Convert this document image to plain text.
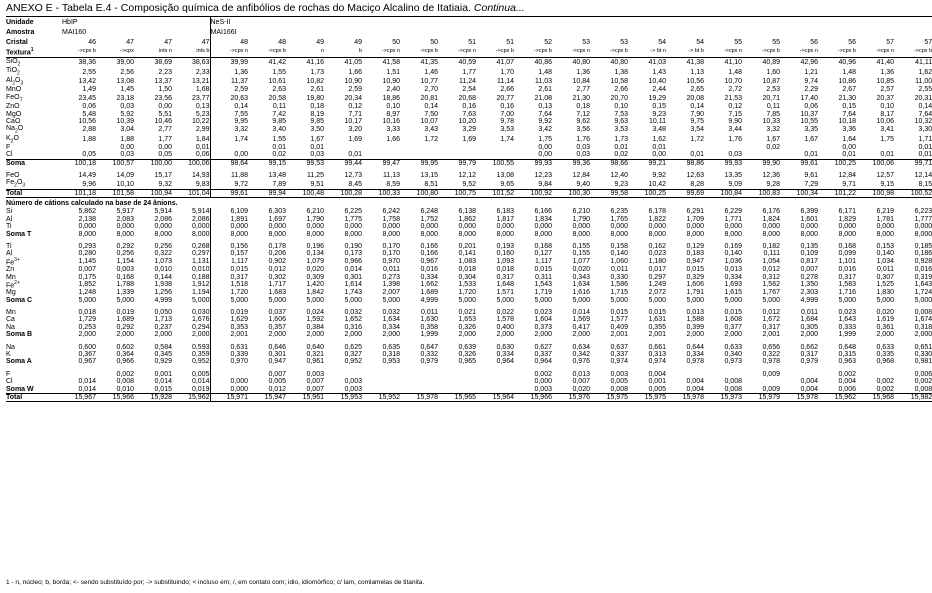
ANEXO E - Tabela E.4 - Composição química de anfibólios de rochas do Maciço Alcalino de Itatiaia. Continua...
Unidade	HbIP				NeS-II																		
Amostra	MAI160				MAI166I																		
Cristal	46	47	47	47	48	48	49	49	50	50	51	51	52	53	53	54	54	55	55	56	56	57	57
Textura$^1$	->cpx b	->cpx	ints n	ints b	->cpx n	->cpx b	n	b	->cpx n	->cpx b	->cpx n	->cpx b	->cpx b	->cpx n	->cpx b	-> bt n	-> bt b	->cpx n	->cpx b	->cpx n	->cpx b	->cpx n	->cpx b
SiO$_2$	38,36	39,00	38,69	38,63	39,99	41,42	41,16	41,05	41,58	41,35	40,59	41,07	40,86	40,80	40,80	41,03	41,38	41,10	40,89	42,96	40,96	41,40	41,11
TiO$_2$	2,55	2,56	2,23	2,33	1,36	1,55	1,73	1,66	1,51	1,46	1,77	1,70	1,48	1,36	1,38	1,43	1,13	1,48	1,60	1,21	1,48	1,36	1,62
$Al_2O_3$	13,42	13,08	13,37	13,21	11,37	10,61	10,82	10,90	10,90	10,77	11,24	11,14	11,03	10,84	10,58	10,40	10,56	10,70	10,87	9,74	10,86	10,85	11,00
MnO	1,49	1,45	1,50	1,68	2,59	2,63	2,61	2,59	2,40	2,70	2,54	2,66	2,61	2,77	2,66	2,44	2,65	2,72	2,53	2,29	2,67	2,57	2,55
FeO$_T$	23,45	23,18	23,56	23,77	20,63	20,58	19,80	20,34	18,86	20,81	20,68	20,77	21,08	21,30	20,70	19,29	20,08	21,53	20,71	17,40	21,30	20,37	20,31
ZnO	0,06	0,03	0,00	0,13	0,14	0,11	0,18	0,12	0,10	0,14	0,16	0,16	0,13	0,18	0,10	0,15	0,14	0,12	0,11	0,06	0,15	0,10	0,14
MgO	5,48	5,92	5,51	5,23	7,55	7,42	8,19	7,71	8,97	7,50	7,63	7,00	7,64	7,12	7,53	9,23	7,90	7,15	7,85	10,37	7,64	8,17	7,64
CaO	10,56	10,39	10,46	10,22	9,95	9,85	9,85	10,17	10,16	10,07	10,20	9,78	9,92	9,62	9,63	10,11	9,75	9,90	10,33	10,55	10,18	10,06	10,32
$Na_2O$	2,88	3,04	2,77	2,99	3,32	3,40	3,50	3,20	3,33	3,43	3,29	3,53	3,42	3,56	3,53	3,48	3,54	3,44	3,32	3,35	3,36	3,41	3,30
$K_2O$	1,88	1,88	1,77	1,84	1,74	1,55	1,67	1,69	1,66	1,72	1,69	1,74	1,75	1,76	1,73	1,62	1,72	1,76	1,67	1,67	1,64	1,75	1,71
F		0,00	0,00	0,01		0,01	0,01						0,00	0,03	0,01	0,01			0,02		0,00		0,01
Cl	0,05	0,03	0,05	0,06	0,00	0,02	0,03	0,01					0,00	0,03	0,02	0,00	0,01	0,03		0,01	0,01	0,01	0,01
Soma	100,18	100,57	100,00	100,06	98,64	99,15	99,53	99,44	99,47	99,95	99,79	100,55	99,93	99,36	98,66	99,21	98,86	99,93	99,90	99,61	100,25	100,06	99,71

FeO	14,49	14,09	15,17	14,93	11,88	13,48	11,25	12,73	11,13	13,15	12,12	13,08	12,23	12,84	12,40	9,92	12,63	13,35	12,36	9,61	12,84	12,57	12,14
$Fe_2O_3$	9,96	10,10	9,32	9,83	9,72	7,89	9,51	8,45	8,59	8,51	9,52	9,65	9,84	9,40	9,23	10,42	8,28	9,09	9,28	7,29	9,71	9,15	8,15
Total	101,18	101,58	100,94	101,04	99,61	99,94	100,48	100,28	100,33	100,80	100,75	101,52	100,92	100,30	99,58	100,25	99,69	100,84	100,83	100,34	101,22	100,98	100,52
Número de cátions calculado na base de 24 ânions.																							
Si	5,862	5,917	5,914	5,914	6,109	6,303	6,210	6,225	6,242	6,248	6,138	6,183	6,166	6,210	6,235	6,178	6,291	6,229	6,176	6,399	6,171	6,219	6,223
Al	2,138	2,083	2,086	2,086	1,891	1,697	1,790	1,775	1,758	1,752	1,862	1,817	1,834	1,790	1,765	1,822	1,709	1,771	1,824	1,601	1,829	1,781	1,777
Ti	0,000	0,000	0,000	0,000	0,000	0,000	0,000	0,000	0,000	0,000	0,000	0,000	0,000	0,000	0,000	0,000	0,000	0,000	0,000	0,000	0,000	0,000	0,000
Soma T	8,000	8,000	8,000	8,000	8,000	8,000	8,000	8,000	8,000	8,000	8,000	8,000	8,000	8,000	8,000	8,000	8,000	8,000	8,000	8,000	8,000	8,000	8,000

Ti	0,293	0,292	0,256	0,268	0,156	0,178	0,196	0,190	0,170	0,166	0,201	0,193	0,168	0,155	0,158	0,162	0,129	0,169	0,182	0,135	0,168	0,153	0,185
Al	0,280	0,256	0,322	0,297	0,157	0,206	0,134	0,173	0,170	0,166	0,141	0,160	0,127	0,155	0,140	0,023	0,183	0,140	0,111	0,109	0,099	0,140	0,186
$Fe^{3+}$	1,145	1,154	1,073	1,131	1,117	0,902	1,079	0,966	0,970	0,967	1,083	1,093	1,117	1,077	1,060	1,180	0,947	1,036	1,054	0,817	1,101	1,034	0,928
Zn	0,007	0,003	0,010	0,010	0,015	0,012	0,020	0,014	0,011	0,016	0,018	0,018	0,015	0,020	0,011	0,017	0,015	0,013	0,012	0,007	0,016	0,011	0,016
Mn	0,175	0,168	0,144	0,188	0,317	0,302	0,309	0,301	0,273	0,334	0,304	0,317	0,311	0,343	0,330	0,297	0,329	0,334	0,312	0,278	0,317	0,307	0,319
$Fe^{2+}$	1,852	1,788	1,938	1,912	1,518	1,717	1,420	1,614	1,398	1,662	1,533	1,648	1,543	1,634	1,586	1,249	1,606	1,693	1,562	1,350	1,583	1,525	1,643
Mg	1,248	1,339	1,256	1,194	1,720	1,683	1,842	1,743	2,007	1,689	1,720	1,571	1,719	1,616	1,715	2,072	1,791	1,615	1,767	2,303	1,716	1,830	1,724
Soma C	5,000	5,000	4,999	5,000	5,000	5,000	5,000	5,000	5,000	4,999	5,000	5,000	5,000	5,000	5,000	5,000	5,000	5,000	5,000	4,999	5,000	5,000	5,000

Mn	0,018	0,019	0,050	0,030	0,019	0,037	0,024	0,032	0,032	0,011	0,021	0,022	0,023	0,014	0,015	0,015	0,013	0,015	0,012	0,011	0,023	0,020	0,008
Ca	1,729	1,689	1,713	1,676	1,629	1,606	1,592	1,652	1,634	1,630	1,653	1,578	1,604	1,569	1,577	1,631	1,588	1,608	1,672	1,684	1,643	1,619	1,674
Na	0,253	0,292	0,237	0,294	0,353	0,357	0,384	0,316	0,334	0,358	0,326	0,400	0,373	0,417	0,409	0,355	0,399	0,377	0,317	0,305	0,333	0,361	0,318
Soma B	2,000	2,000	2,000	2,000	2,001	2,000	2,000	2,000	2,000	1,999	2,000	2,000	2,000	2,000	2,001	2,001	2,000	2,000	2,001	2,000	1,999	2,000	2,000

Na	0,600	0,602	0,584	0,593	0,631	0,646	0,640	0,625	0,635	0,647	0,639	0,630	0,627	0,634	0,637	0,661	0,644	0,633	0,656	0,662	0,648	0,633	0,651
K	0,367	0,364	0,345	0,359	0,339	0,301	0,321	0,327	0,318	0,332	0,326	0,334	0,337	0,342	0,337	0,313	0,334	0,340	0,322	0,317	0,315	0,335	0,330
Soma A	0,967	0,966	0,929	0,952	0,970	0,947	0,961	0,952	0,953	0,979	0,965	0,964	0,964	0,976	0,974	0,974	0,978	0,973	0,978	0,979	0,963	0,968	0,981

F		0,002	0,001	0,005		0,007	0,003						0,002	0,013	0,003	0,004			0,009		0,002		0,006
Cl	0,014	0,008	0,014	0,014	0,000	0,005	0,007	0,003					0,000	0,007	0,005	0,001	0,004	0,008		0,004	0,004	0,002	0,002
Soma W	0,014	0,010	0,015	0,019	0,000	0,012	0,007	0,003					0,003	0,020	0,008	0,005	0,004	0,008	0,009	0,004	0,006	0,002	0,008
Total	15,967	15,966	15,928	15,962	15,971	15,947	15,961	15,953	15,952	15,978	15,965	15,964	15,966	15,976	15,975	15,975	15,978	15,973	15,979	15,978	15,962	15,968	15,982
1 - n, núcleo; b, borda; <- sendo substituído por; -> substituindo; < incluso em; /, em contato com; idio, idiomórfico; c/ lam, comlamelas de titanita.
